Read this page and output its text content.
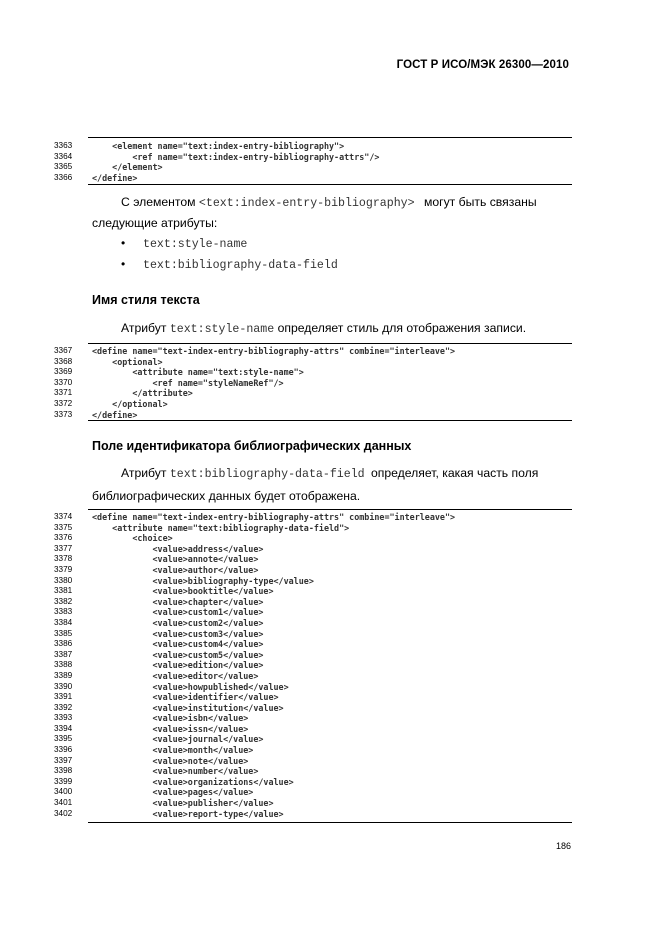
ГОСТ Р ИСО/МЭК 26300—2010
3363	<element name="text:index-entry-bibliography">
3364	<ref name="text:index-entry-bibliography-attrs"/>
3365	</element>
3366	</define>
С элементом <text:index-entry-bibliography> могут быть связаны
следующие атрибуты:
• text:style-name
• text:bibliography-data-field
Имя стиля текста
Атрибут text:style-name определяет стиль для отображения записи.
3367	<define name="text-index-entry-bibliography-attrs" combine="interleave">
3368	<optional>
3369	<attribute name="text:style-name">
3370	<ref name="styleNameRef"/>
3371	</attribute>
3372	</optional>
3373	</define>
Поле идентификатора библиографических данных
Атрибут text:bibliography-data-field определяет, какая часть поля
библиографических данных будет отображена.
3374	<define name="text-index-entry-bibliography-attrs" combine="interleave">
3375	<attribute name="text:bibliography-data-field">
3376	<choice>
3377	<value>address</value>
3378	<value>annote</value>
3379	<value>author</value>
3380	<value>bibliography-type</value>
3381	<value>booktitle</value>
3382	<value>chapter</value>
3383	<value>custom1</value>
3384	<value>custom2</value>
3385	<value>custom3</value>
3386	<value>custom4</value>
3387	<value>custom5</value>
3388	<value>edition</value>
3389	<value>editor</value>
3390	<value>howpublished</value>
3391	<value>identifier</value>
3392	<value>institution</value>
3393	<value>isbn</value>
3394	<value>issn</value>
3395	<value>journal</value>
3396	<value>month</value>
3397	<value>note</value>
3398	<value>number</value>
3399	<value>organizations</value>
3400	<value>pages</value>
3401	<value>publisher</value>
3402	<value>report-type</value>
186
